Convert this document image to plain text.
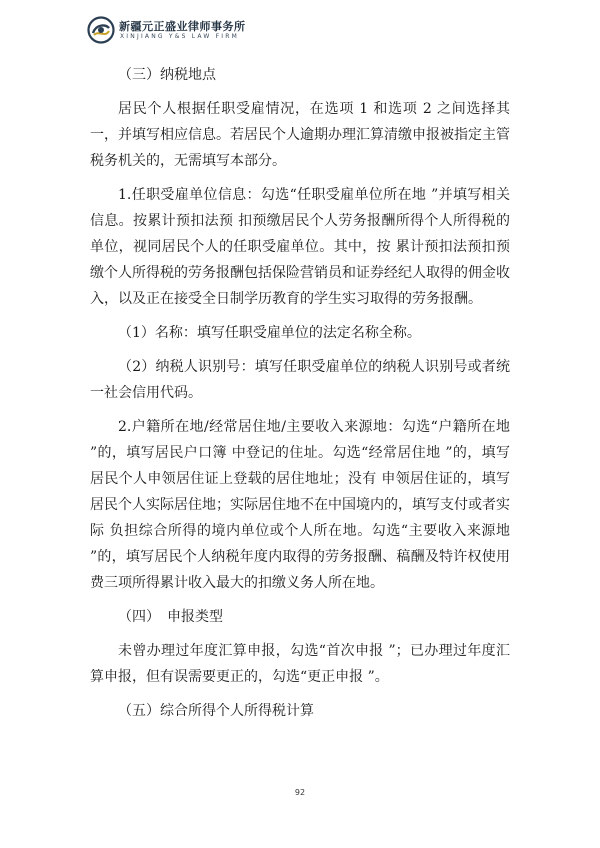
新疆元正盛业律师事务所
XINJIANG Y&S LAW FIRM

（三）纳税地点

居民个人根据任职受雇情况，在选项 1 和选项 2 之间选择其一，并填写相应信息。若居民个人逾期办理汇算清缴申报被指定主管税务机关的，无需填写本部分。

1.任职受雇单位信息：勾选“任职受雇单位所在地 ”并填写相关信息。按累计预扣法预 扣预缴居民个人劳务报酬所得个人所得税的单位，视同居民个人的任职受雇单位。其中，按 累计预扣法预扣预缴个人所得税的劳务报酬包括保险营销员和证券经纪人取得的佣金收入，以及正在接受全日制学历教育的学生实习取得的劳务报酬。

（1）名称：填写任职受雇单位的法定名称全称。

（2）纳税人识别号：填写任职受雇单位的纳税人识别号或者统一社会信用代码。

2.户籍所在地/经常居住地/主要收入来源地：勾选“户籍所在地 ”的，填写居民户口簿 中登记的住址。勾选“经常居住地 ”的，填写居民个人申领居住证上登载的居住地址；没有 申领居住证的，填写居民个人实际居住地；实际居住地不在中国境内的，填写支付或者实际 负担综合所得的境内单位或个人所在地。勾选“主要收入来源地 ”的，填写居民个人纳税年度内取得的劳务报酬、稿酬及特许权使用费三项所得累计收入最大的扣缴义务人所在地。

（四）　申报类型

未曾办理过年度汇算申报，勾选“首次申报 ”；已办理过年度汇算申报，但有误需要更正的，勾选“更正申报 ”。

（五）综合所得个人所得税计算

92
